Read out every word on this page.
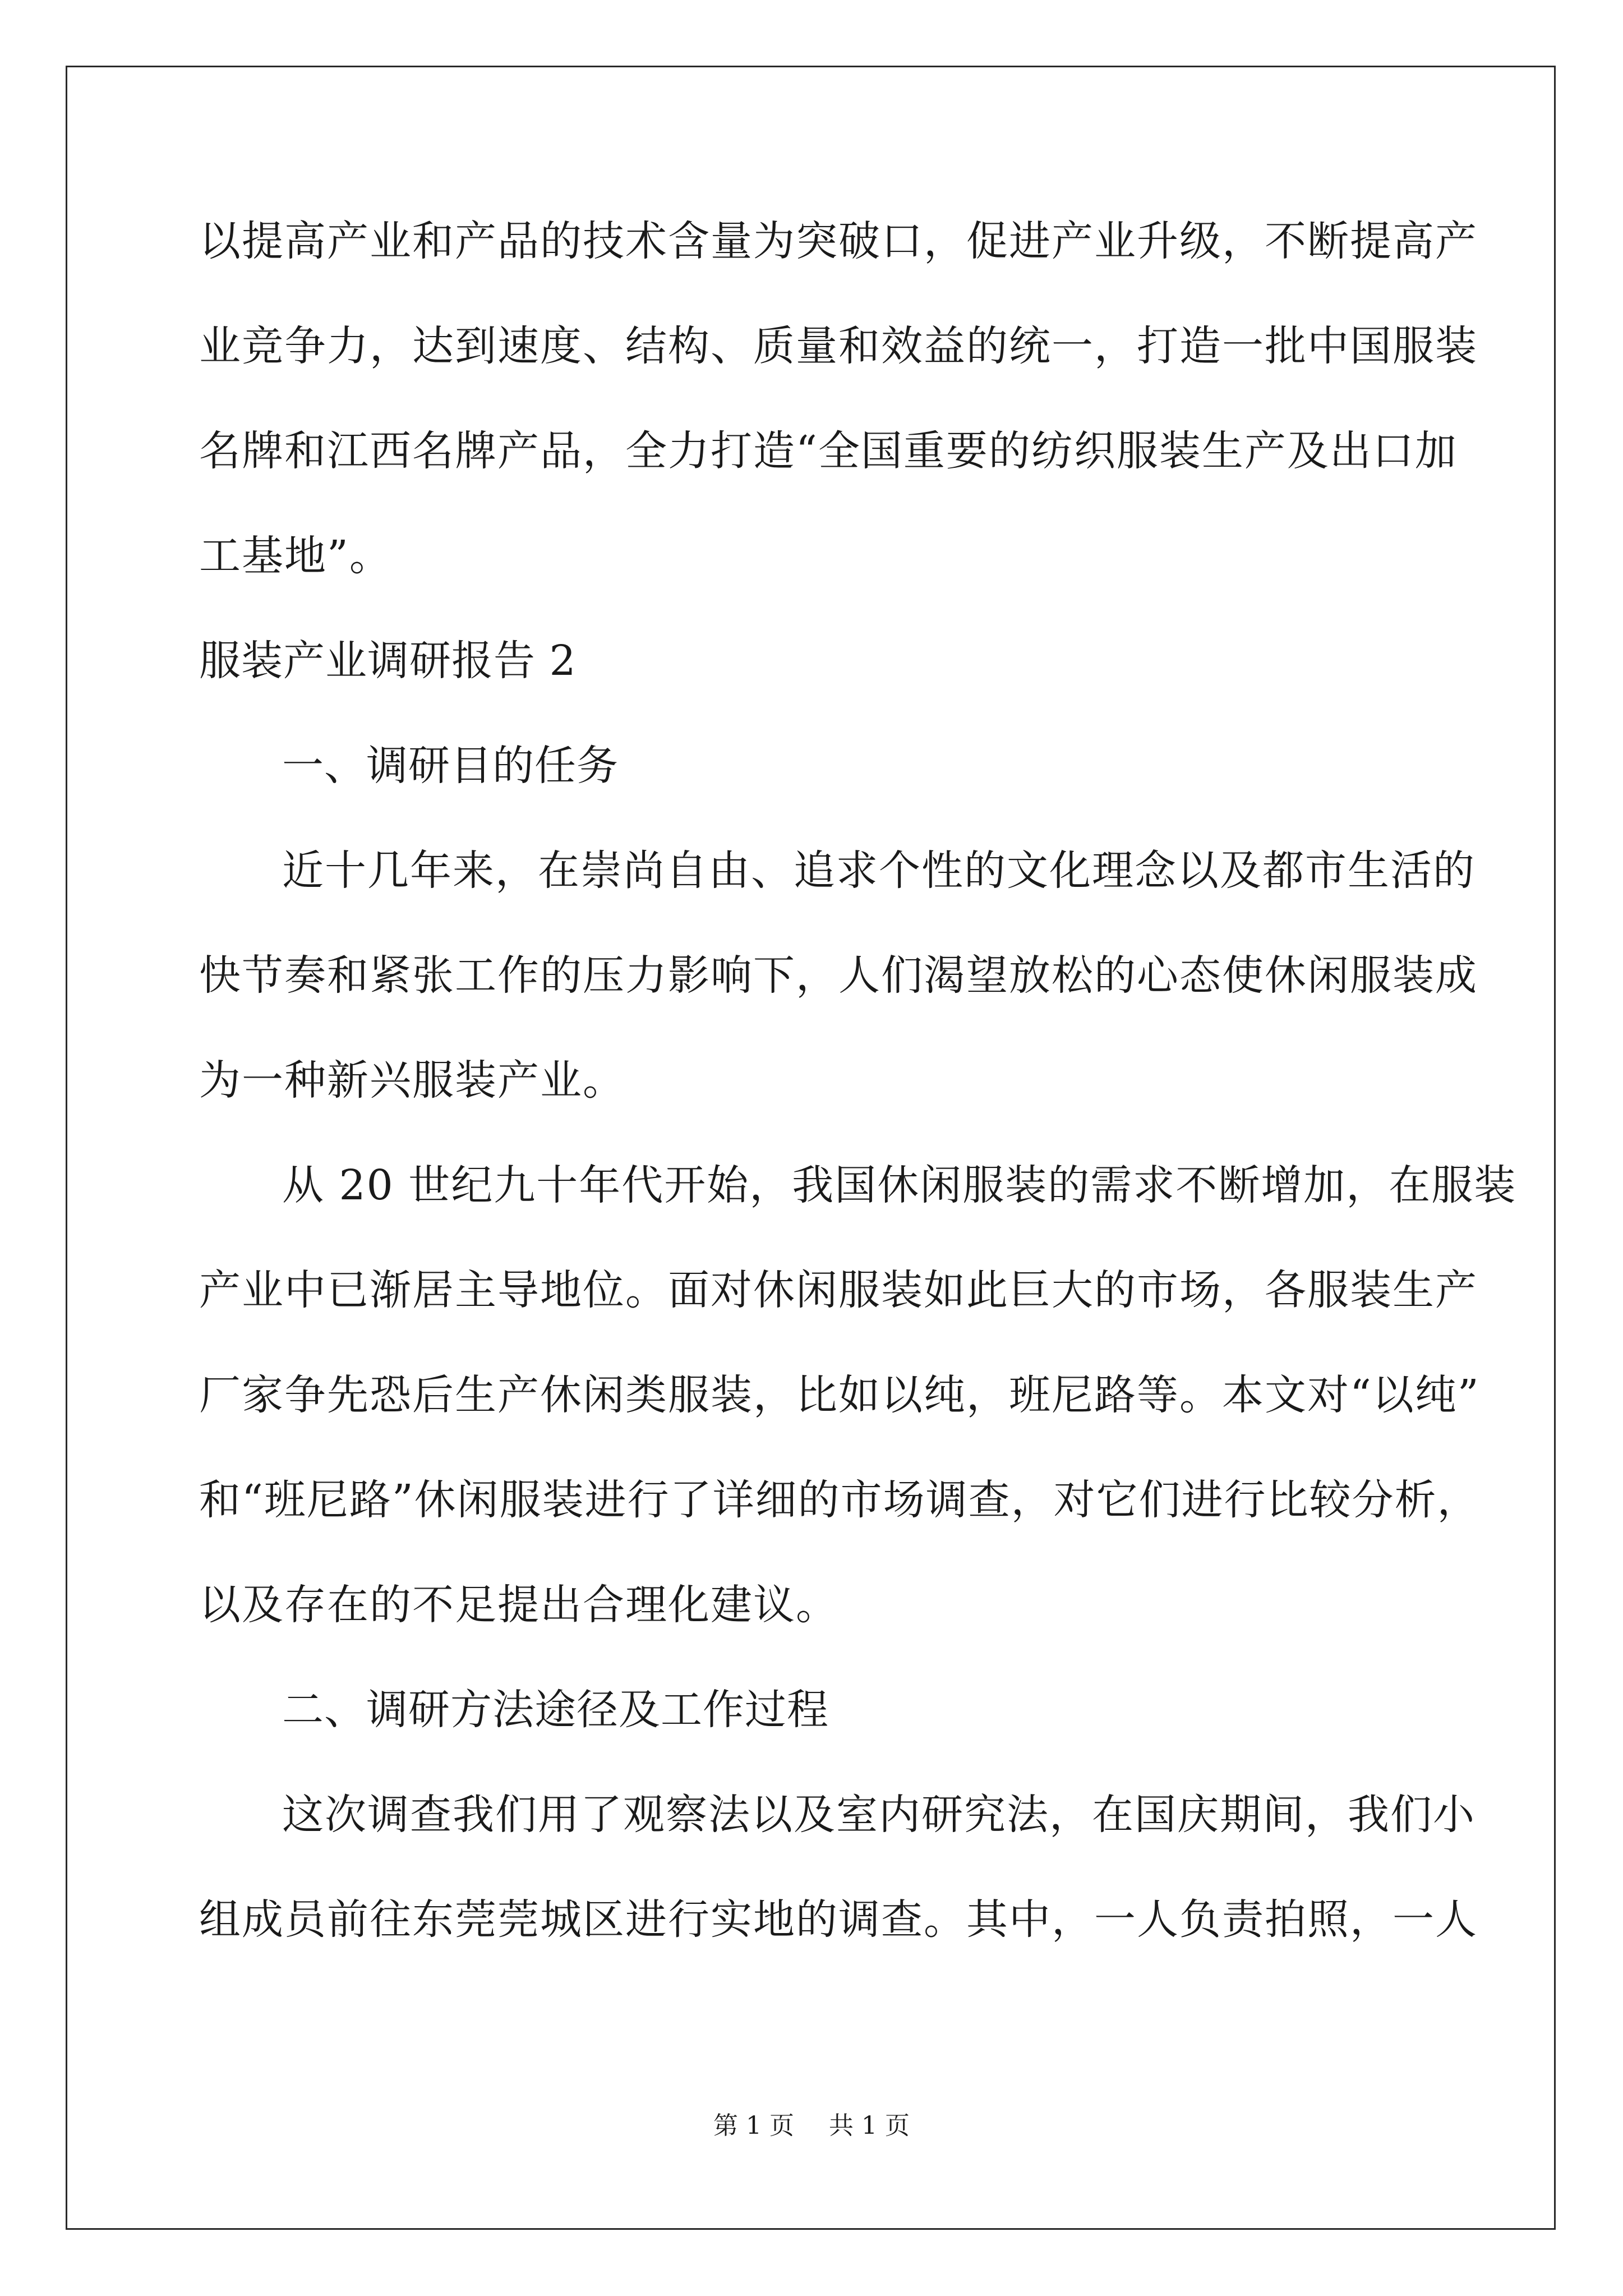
以提高产业和产品的技术含量为突破口，促进产业升级，不断提高产
业竞争力，达到速度、结构、质量和效益的统一，打造一批中国服装
名牌和江西名牌产品，全力打造“全国重要的纺织服装生产及出口加
工基地”。
服装产业调研报告 2
一、调研目的任务
近十几年来，在崇尚自由、追求个性的文化理念以及都市生活的
快节奏和紧张工作的压力影响下，人们渴望放松的心态使休闲服装成
为一种新兴服装产业。
从 20 世纪九十年代开始，我国休闲服装的需求不断增加，在服装
产业中已渐居主导地位。面对休闲服装如此巨大的市场，各服装生产
厂家争先恐后生产休闲类服装，比如以纯，班尼路等。本文对“以纯”
和“班尼路”休闲服装进行了详细的市场调查，对它们进行比较分析，
以及存在的不足提出合理化建议。
二、调研方法途径及工作过程
这次调查我们用了观察法以及室内研究法，在国庆期间，我们小
组成员前往东莞莞城区进行实地的调查。其中，一人负责拍照，一人
第 1 页 共 1 页
